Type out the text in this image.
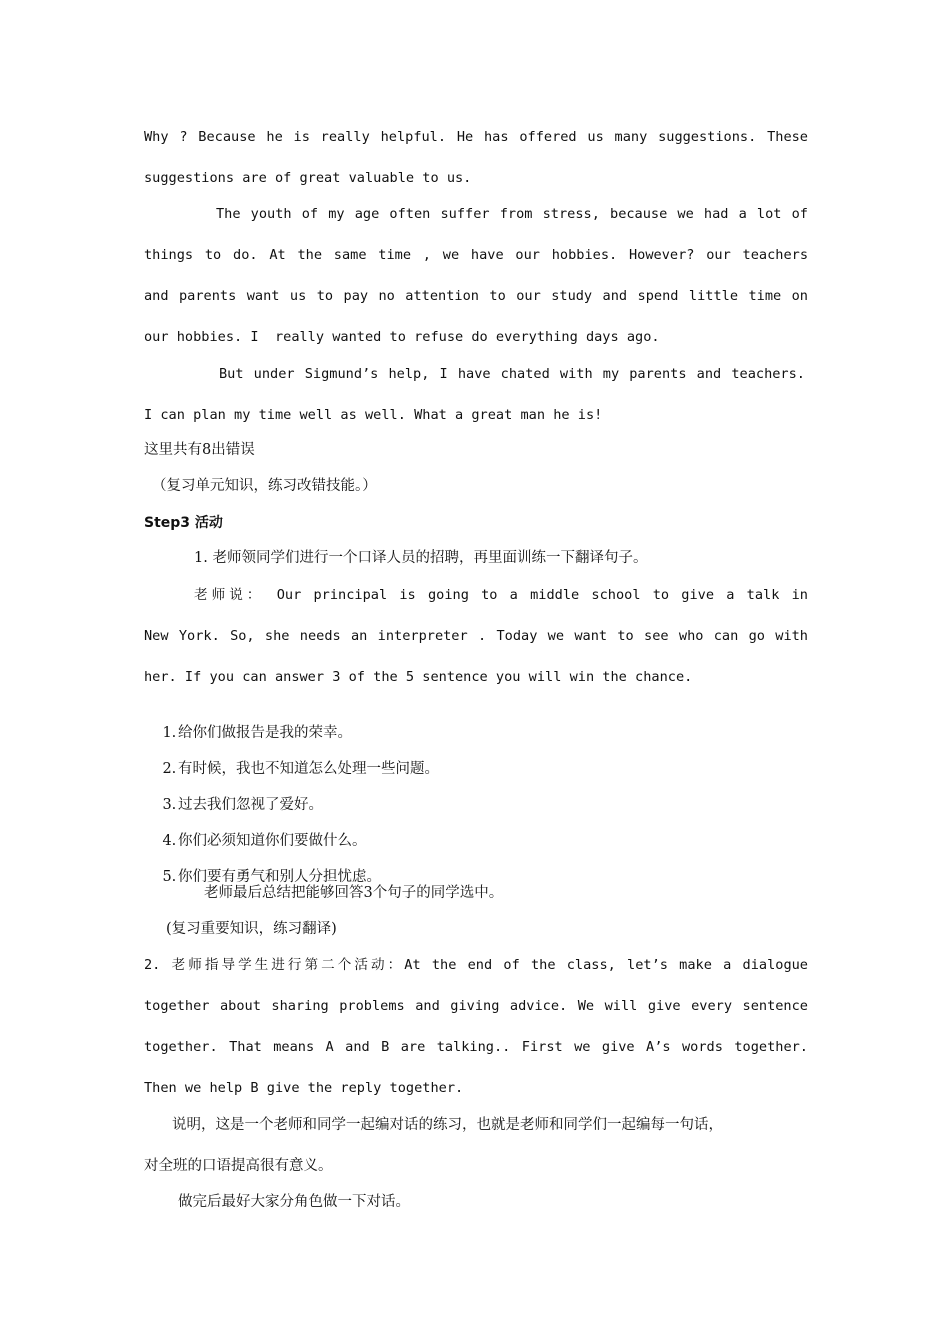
Why ? Because he is really helpful. He has offered us many suggestions. These
suggestions are of great valuable to us.
The youth of my age often suffer from stress, because we had a lot of
things to do. At the same time , we have our hobbies. However? our teachers
and parents want us to pay no attention to our study and spend little time on
our hobbies. I  really wanted to refuse do everything days ago.
But under Sigmund’s help, I have chated with my parents and teachers.
I can plan my time well as well. What a great man he is!
这里共有8出错误
（复习单元知识，练习改错技能。）
Step3 活动
1. 老师领同学们进行一个口译人员的招聘，再里面训练一下翻译句子。
老师说： Our principal is going to a middle school to give a talk in
New York. So, she needs an interpreter . Today we want to see who can go with
her. If you can answer 3 of the 5 sentence you will win the chance.

1. 给你们做报告是我的荣幸。

2. 有时候，我也不知道怎么处理一些问题。

3. 过去我们忽视了爱好。

4. 你们必须知道你们要做什么。

5. 你们要有勇气和别人分担忧虑。

老师最后总结把能够回答3个句子的同学选中。
(复习重要知识，练习翻译)
2. 老师指导学生进行第二个活动：At the end of the class, let’s make a dialogue
together about sharing problems and giving advice. We will give every sentence
together. That means A and B are talking.. First we give A’s words together.
Then we help B give the reply together.
说明，这是一个老师和同学一起编对话的练习，也就是老师和同学们一起编每一句话，
对全班的口语提高很有意义。
做完后最好大家分角色做一下对话。
